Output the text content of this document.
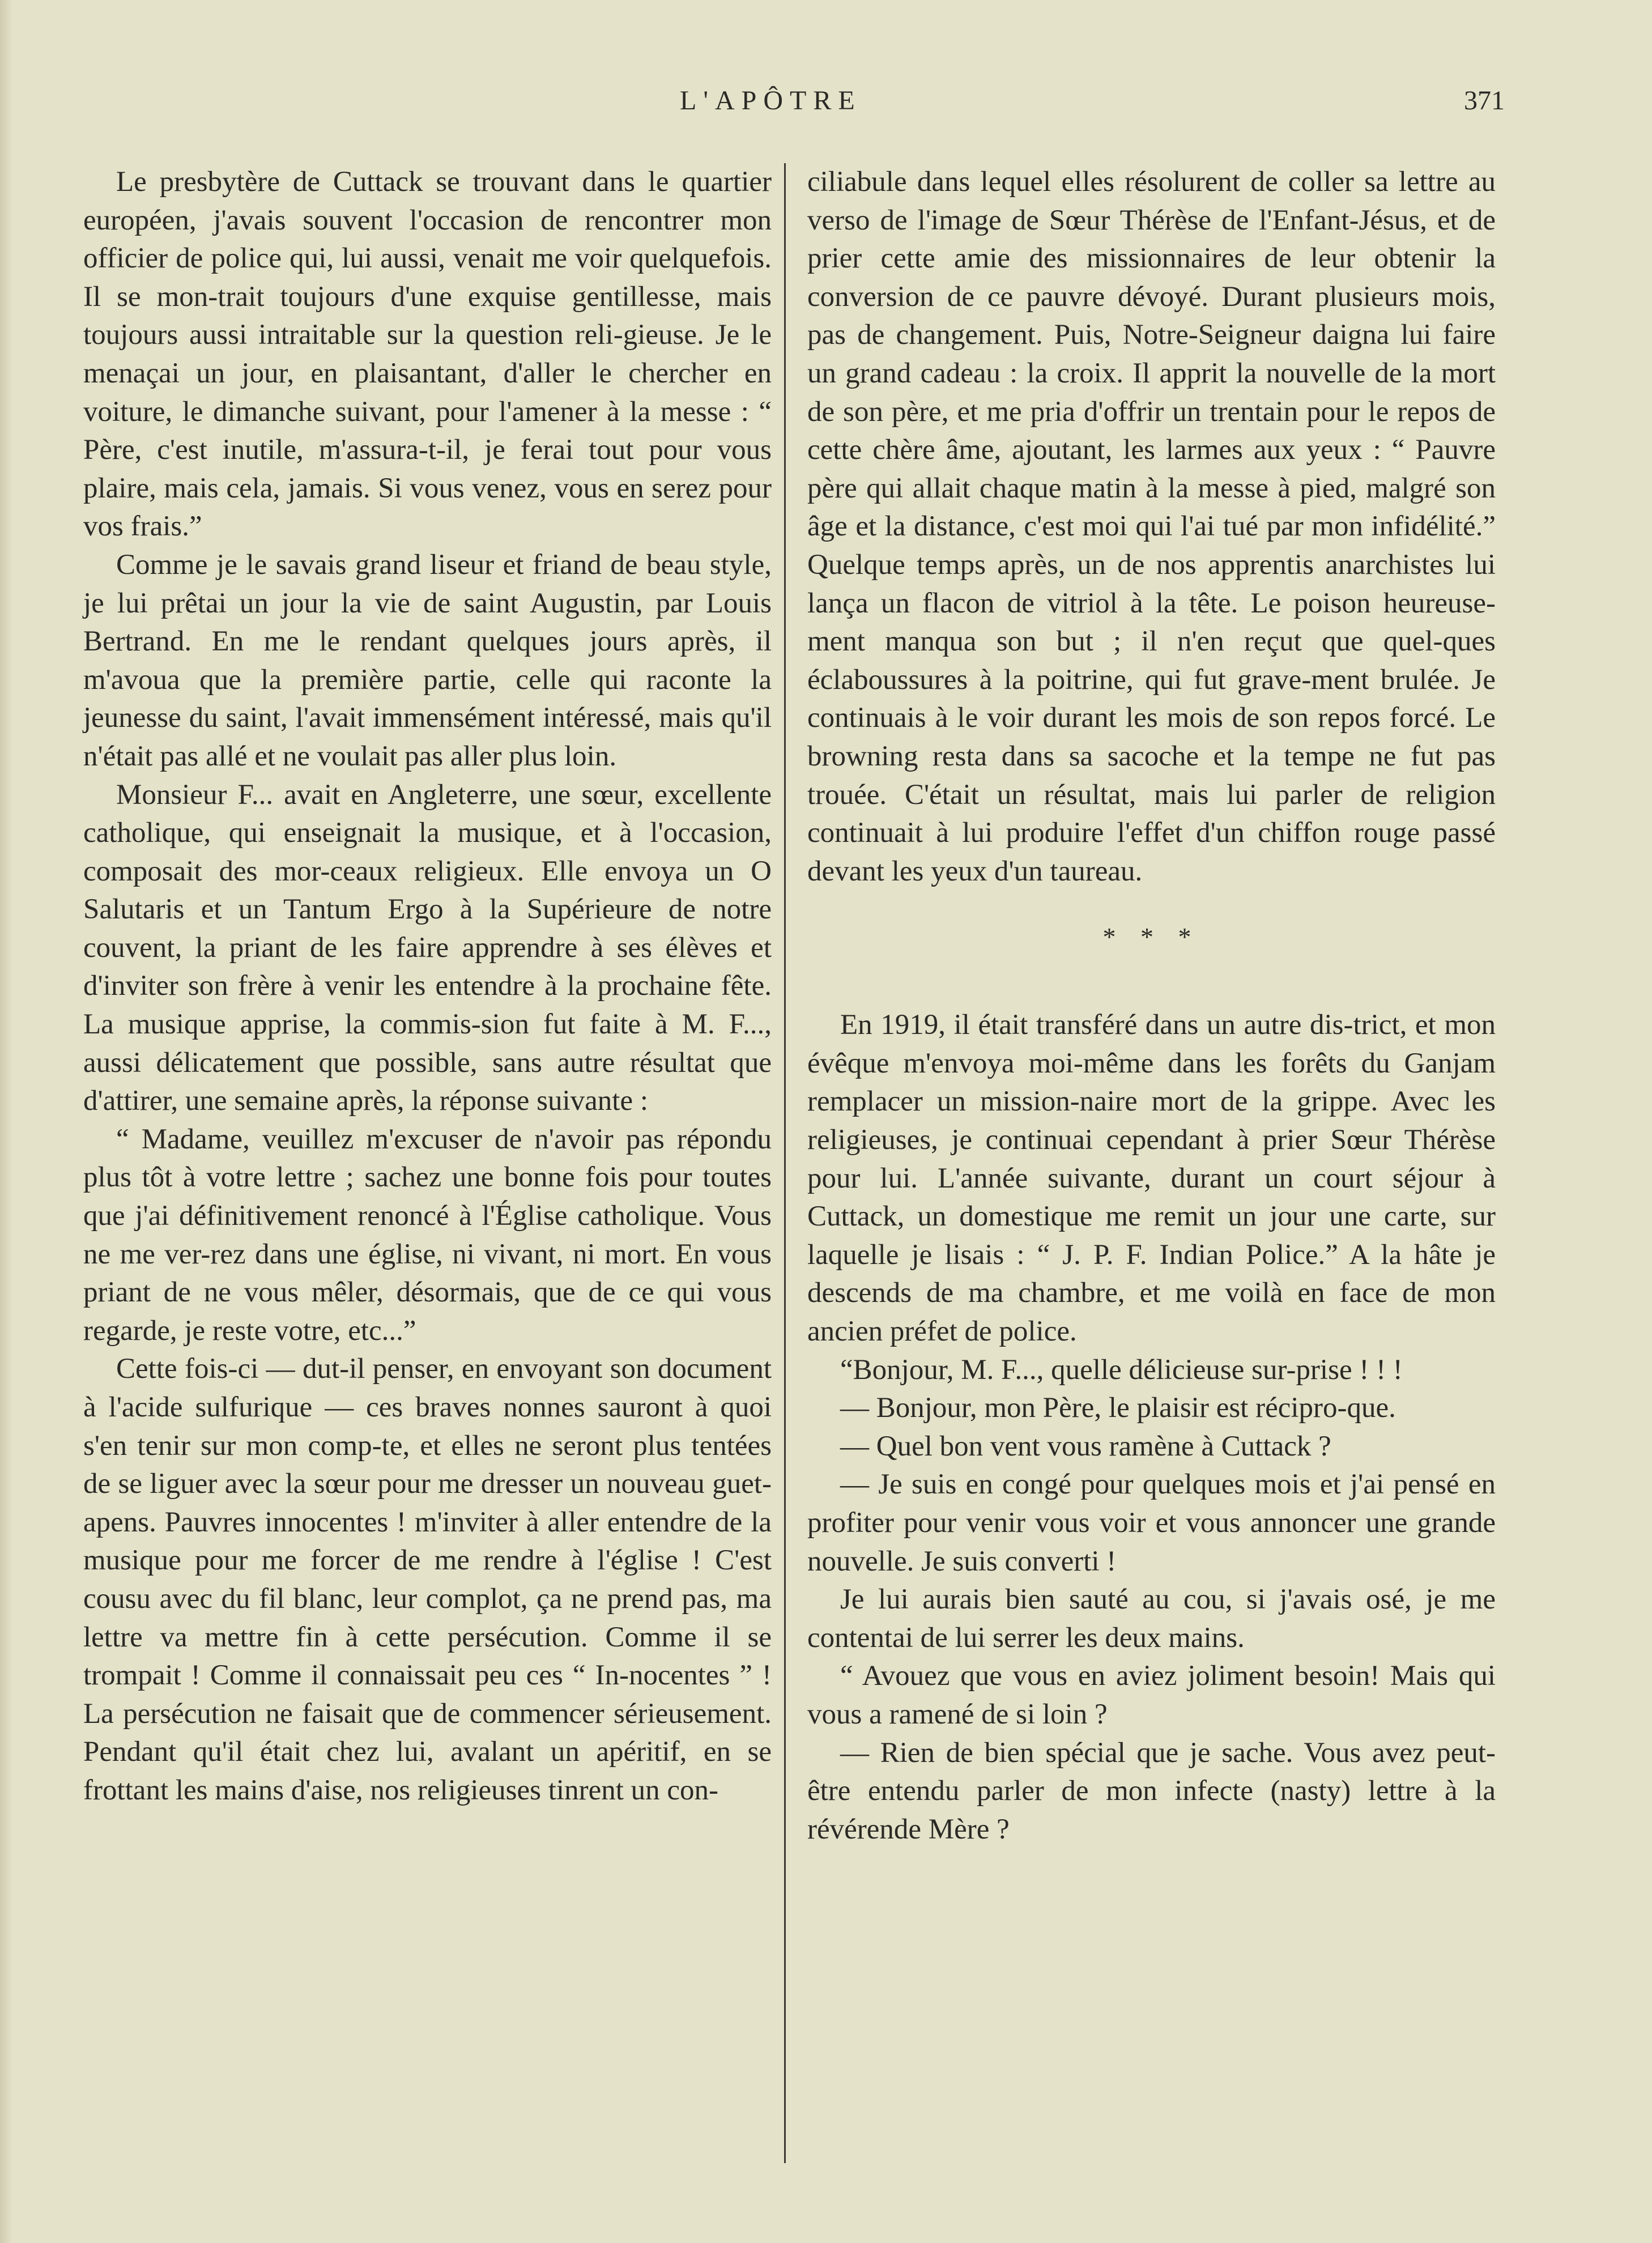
L'APÔTRE	371

Le presbytère de Cuttack se trouvant dans le quartier européen, j'avais souvent l'occasion de rencontrer mon officier de police qui, lui aussi, venait me voir quelquefois. Il se mon-trait toujours d'une exquise gentillesse, mais toujours aussi intraitable sur la question reli-gieuse. Je le menaçai un jour, en plaisantant, d'aller le chercher en voiture, le dimanche suivant, pour l'amener à la messe : “ Père, c'est inutile, m'assura-t-il, je ferai tout pour vous plaire, mais cela, jamais. Si vous venez, vous en serez pour vos frais.”

Comme je le savais grand liseur et friand de beau style, je lui prêtai un jour la vie de saint Augustin, par Louis Bertrand. En me le rendant quelques jours après, il m'avoua que la première partie, celle qui raconte la jeunesse du saint, l'avait immensément intéressé, mais qu'il n'était pas allé et ne voulait pas aller plus loin.

Monsieur F... avait en Angleterre, une sœur, excellente catholique, qui enseignait la musique, et à l'occasion, composait des mor-ceaux religieux. Elle envoya un O Salutaris et un Tantum Ergo à la Supérieure de notre couvent, la priant de les faire apprendre à ses élèves et d'inviter son frère à venir les entendre à la prochaine fête. La musique apprise, la commis-sion fut faite à M. F..., aussi délicatement que possible, sans autre résultat que d'attirer, une semaine après, la réponse suivante :

“ Madame, veuillez m'excuser de n'avoir pas répondu plus tôt à votre lettre ; sachez une bonne fois pour toutes que j'ai définitivement renoncé à l'Église catholique. Vous ne me ver-rez dans une église, ni vivant, ni mort. En vous priant de ne vous mêler, désormais, que de ce qui vous regarde, je reste votre, etc...”

Cette fois-ci — dut-il penser, en envoyant son document à l'acide sulfurique — ces braves nonnes sauront à quoi s'en tenir sur mon comp-te, et elles ne seront plus tentées de se liguer avec la sœur pour me dresser un nouveau guet-apens. Pauvres innocentes ! m'inviter à aller entendre de la musique pour me forcer de me rendre à l'église ! C'est cousu avec du fil blanc, leur complot, ça ne prend pas, ma lettre va mettre fin à cette persécution. Comme il se trompait ! Comme il connaissait peu ces “ In-nocentes ” ! La persécution ne faisait que de commencer sérieusement. Pendant qu'il était chez lui, avalant un apéritif, en se frottant les mains d'aise, nos religieuses tinrent un con-

ciliabule dans lequel elles résolurent de coller sa lettre au verso de l'image de Sœur Thérèse de l'Enfant-Jésus, et de prier cette amie des missionnaires de leur obtenir la conversion de ce pauvre dévoyé. Durant plusieurs mois, pas de changement. Puis, Notre-Seigneur daigna lui faire un grand cadeau : la croix. Il apprit la nouvelle de la mort de son père, et me pria d'offrir un trentain pour le repos de cette chère âme, ajoutant, les larmes aux yeux : “ Pauvre père qui allait chaque matin à la messe à pied, malgré son âge et la distance, c'est moi qui l'ai tué par mon infidélité.” Quelque temps après, un de nos apprentis anarchistes lui lança un flacon de vitriol à la tête. Le poison heureuse-ment manqua son but ; il n'en reçut que quel-ques éclaboussures à la poitrine, qui fut grave-ment brulée. Je continuais à le voir durant les mois de son repos forcé. Le browning resta dans sa sacoche et la tempe ne fut pas trouée. C'était un résultat, mais lui parler de religion continuait à lui produire l'effet d'un chiffon rouge passé devant les yeux d'un taureau.

* * *

En 1919, il était transféré dans un autre dis-trict, et mon évêque m'envoya moi-même dans les forêts du Ganjam remplacer un mission-naire mort de la grippe. Avec les religieuses, je continuai cependant à prier Sœur Thérèse pour lui. L'année suivante, durant un court séjour à Cuttack, un domestique me remit un jour une carte, sur laquelle je lisais : “ J. P. F. Indian Police.” A la hâte je descends de ma chambre, et me voilà en face de mon ancien préfet de police.

“Bonjour, M. F..., quelle délicieuse sur-prise ! ! !

— Bonjour, mon Père, le plaisir est récipro-que.

— Quel bon vent vous ramène à Cuttack ?

— Je suis en congé pour quelques mois et j'ai pensé en profiter pour venir vous voir et vous annoncer une grande nouvelle. Je suis converti !

Je lui aurais bien sauté au cou, si j'avais osé, je me contentai de lui serrer les deux mains.

“ Avouez que vous en aviez joliment besoin! Mais qui vous a ramené de si loin ?

— Rien de bien spécial que je sache. Vous avez peut-être entendu parler de mon infecte (nasty) lettre à la révérende Mère ?
